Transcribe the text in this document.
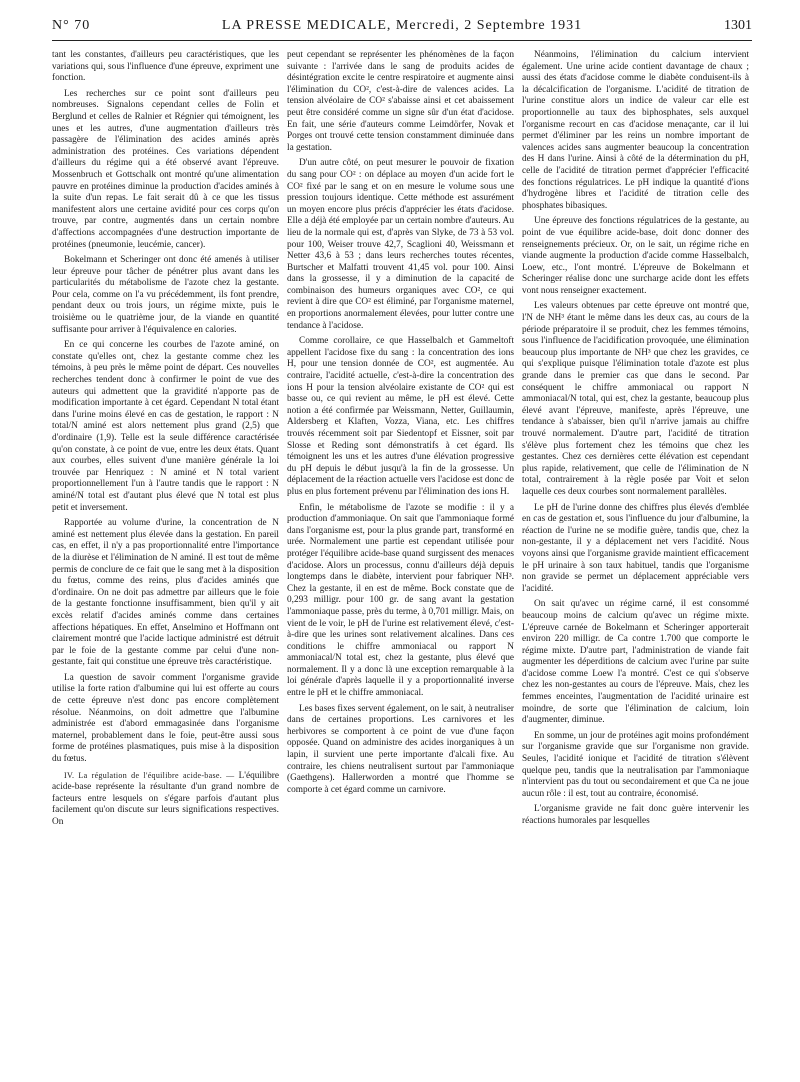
N° 70	LA PRESSE MEDICALE, Mercredi, 2 Septembre 1931	1301

tant les constantes, d'ailleurs peu caractéristiques, que les variations qui, sous l'influence d'une épreuve, expriment une fonction.

Les recherches sur ce point sont d'ailleurs peu nombreuses. Signalons cependant celles de Folin et Berglund et celles de Ralnier et Régnier qui témoignent, les unes et les autres, d'une augmentation d'ailleurs très passagère de l'élimination des acides aminés après administration des protéines. Ces variations dépendent d'ailleurs du régime qui a été observé avant l'épreuve. Mossenbruch et Gottschalk ont montré qu'une alimentation pauvre en protéines diminue la production d'acides aminés à la suite d'un repas. Le fait serait dû à ce que les tissus manifestent alors une certaine avidité pour ces corps qu'on trouve, par contre, augmentés dans un certain nombre d'affections accompagnées d'une destruction importante de protéines (pneumonie, leucémie, cancer).

Bokelmann et Scheringer ont donc été amenés à utiliser leur épreuve pour tâcher de pénétrer plus avant dans les particularités du métabolisme de l'azote chez la gestante. Pour cela, comme on l'a vu précédemment, ils font prendre, pendant deux ou trois jours, un régime mixte, puis le troisième ou le quatrième jour, de la viande en quantité suffisante pour arriver à l'équivalence en calories.

En ce qui concerne les courbes de l'azote aminé, on constate qu'elles ont, chez la gestante comme chez les témoins, à peu près le même point de départ. Ces nouvelles recherches tendent donc à confirmer le point de vue des auteurs qui admettent que la gravidité n'apporte pas de modification importante à cet égard. Cependant N total étant dans l'urine moins élevé en cas de gestation, le rapport : N total/N aminé est alors nettement plus grand (2,5) que d'ordinaire (1,9). Telle est la seule différence caractérisée qu'on constate, à ce point de vue, entre les deux états. Quant aux courbes, elles suivent d'une manière générale la loi trouvée par Henriquez : N aminé et N total varient proportionnellement l'un à l'autre tandis que le rapport : N aminé/N total est d'autant plus élevé que N total est plus petit et inversement.

Rapportée au volume d'urine, la concentration de N aminé est nettement plus élevée dans la gestation. En pareil cas, en effet, il n'y a pas proportionnalité entre l'importance de la diurèse et l'élimination de N aminé. Il est tout de même permis de conclure de ce fait que le sang met à la disposition du fœtus, comme des reins, plus d'acides aminés que d'ordinaire. On ne doit pas admettre par ailleurs que le foie de la gestante fonctionne insuffisamment, bien qu'il y ait excès relatif d'acides aminés comme dans certaines affections hépatiques. En effet, Anselmino et Hoffmann ont clairement montré que l'acide lactique administré est détruit par le foie de la gestante comme par celui d'une non-gestante, fait qui constitue une épreuve très caractéristique.

La question de savoir comment l'organisme gravide utilise la forte ration d'albumine qui lui est offerte au cours de cette épreuve n'est donc pas encore complètement résolue. Néanmoins, on doit admettre que l'albumine administrée est d'abord emmagasinée dans l'organisme maternel, probablement dans le foie, peut-être aussi sous forme de protéines plasmatiques, puis mise à la disposition du fœtus.

IV. La régulation de l'équilibre acide-base. — L'équilibre acide-base représente la résultante d'un grand nombre de facteurs entre lesquels on s'égare parfois d'autant plus facilement qu'on discute sur leurs significations respectives. On

peut cependant se représenter les phénomènes de la façon suivante : l'arrivée dans le sang de produits acides de désintégration excite le centre respiratoire et augmente ainsi l'élimination du CO², c'est-à-dire de valences acides. La tension alvéolaire de CO² s'abaisse ainsi et cet abaissement peut être considéré comme un signe sûr d'un état d'acidose. En fait, une série d'auteurs comme Leimdörfer, Novak et Porges ont trouvé cette tension constamment diminuée dans la gestation.

D'un autre côté, on peut mesurer le pouvoir de fixation du sang pour CO² : on déplace au moyen d'un acide fort le CO² fixé par le sang et on en mesure le volume sous une pression toujours identique. Cette méthode est assurément un moyen encore plus précis d'apprécier les états d'acidose. Elle a déjà été employée par un certain nombre d'auteurs. Au lieu de la normale qui est, d'après van Slyke, de 73 à 53 vol. pour 100, Weiser trouve 42,7, Scaglioni 40, Weissmann et Netter 43,6 à 53 ; dans leurs recherches toutes récentes, Burtscher et Malfatti trouvent 41,45 vol. pour 100. Ainsi dans la grossesse, il y a diminution de la capacité de combinaison des humeurs organiques avec CO², ce qui revient à dire que CO² est éliminé, par l'organisme maternel, en proportions anormalement élevées, pour lutter contre une tendance à l'acidose.

Comme corollaire, ce que Hasselbalch et Gammeltoft appellent l'acidose fixe du sang : la concentration des ions H, pour une tension donnée de CO², est augmentée. Au contraire, l'acidité actuelle, c'est-à-dire la concentration des ions H pour la tension alvéolaire existante de CO² qui est basse ou, ce qui revient au même, le pH est élevé. Cette notion a été confirmée par Weissmann, Netter, Guillaumin, Aldersberg et Klaften, Vozza, Viana, etc. Les chiffres trouvés récemment soit par Siedentopf et Eissner, soit par Slosse et Reding sont démonstratifs à cet égard. Ils témoignent les uns et les autres d'une élévation progressive du pH depuis le début jusqu'à la fin de la grossesse. Un déplacement de la réaction actuelle vers l'acidose est donc de plus en plus fortement prévenu par l'élimination des ions H.

Enfin, le métabolisme de l'azote se modifie : il y a production d'ammoniaque. On sait que l'ammoniaque formé dans l'organisme est, pour la plus grande part, transformé en urée. Normalement une partie est cependant utilisée pour protéger l'équilibre acide-base quand surgissent des menaces d'acidose. Alors un processus, connu d'ailleurs déjà depuis longtemps dans le diabète, intervient pour fabriquer NH³. Chez la gestante, il en est de même. Bock constate que de 0,293 milligr. pour 100 gr. de sang avant la gestation l'ammoniaque passe, près du terme, à 0,701 milligr. Mais, on vient de le voir, le pH de l'urine est relativement élevé, c'est-à-dire que les urines sont relativement alcalines. Dans ces conditions le chiffre ammoniacal ou rapport N ammoniacal/N total est, chez la gestante, plus élevé que normalement. Il y a donc là une exception remarquable à la loi générale d'après laquelle il y a proportionnalité inverse entre le pH et le chiffre ammoniacal.

Les bases fixes servent également, on le sait, à neutraliser dans de certaines proportions. Les carnivores et les herbivores se comportent à ce point de vue d'une façon opposée. Quand on administre des acides inorganiques à un lapin, il survient une perte importante d'alcali fixe. Au contraire, les chiens neutralisent surtout par l'ammoniaque (Gaethgens). Hallerworden a montré que l'homme se comporte à cet égard comme un carnivore.

Néanmoins, l'élimination du calcium intervient également. Une urine acide contient davantage de chaux ; aussi des états d'acidose comme le diabète conduisent-ils à la décalcification de l'organisme. L'acidité de titration de l'urine constitue alors un indice de valeur car elle est proportionnelle au taux des biphosphates, sels auxquel l'organisme recourt en cas d'acidose menaçante, car il lui permet d'éliminer par les reins un nombre important de valences acides sans augmenter beaucoup la concentration des H dans l'urine. Ainsi à côté de la détermination du pH, celle de l'acidité de titration permet d'apprécier l'efficacité des fonctions régulatrices. Le pH indique la quantité d'ions d'hydrogène libres et l'acidité de titration celle des phosphates bibasiques.

Une épreuve des fonctions régulatrices de la gestante, au point de vue équilibre acide-base, doit donc donner des renseignements précieux. Or, on le sait, un régime riche en viande augmente la production d'acide comme Hasselbalch, Loew, etc., l'ont montré. L'épreuve de Bokelmann et Scheringer réalise donc une surcharge acide dont les effets vont nous renseigner exactement.

Les valeurs obtenues par cette épreuve ont montré que, l'N de NH³ étant le même dans les deux cas, au cours de la période préparatoire il se produit, chez les femmes témoins, sous l'influence de l'acidification provoquée, une élimination beaucoup plus importante de NH³ que chez les gravides, ce qui s'explique puisque l'élimination totale d'azote est plus grande dans le premier cas que dans le second. Par conséquent le chiffre ammoniacal ou rapport N ammoniacal/N total, qui est, chez la gestante, beaucoup plus élevé avant l'épreuve, manifeste, après l'épreuve, une tendance à s'abaisser, bien qu'il n'arrive jamais au chiffre trouvé normalement. D'autre part, l'acidité de titration s'élève plus fortement chez les témoins que chez les gestantes. Chez ces dernières cette élévation est cependant plus rapide, relativement, que celle de l'élimination de N total, contrairement à la règle posée par Voit et selon laquelle ces deux courbes sont normalement parallèles.

Le pH de l'urine donne des chiffres plus élevés d'emblée en cas de gestation et, sous l'influence du jour d'albumine, la réaction de l'urine ne se modifie guère, tandis que, chez la non-gestante, il y a déplacement net vers l'acidité. Nous voyons ainsi que l'organisme gravide maintient efficacement le pH urinaire à son taux habituel, tandis que l'organisme non gravide se permet un déplacement appréciable vers l'acidité.

On sait qu'avec un régime carné, il est consommé beaucoup moins de calcium qu'avec un régime mixte. L'épreuve carnée de Bokelmann et Scheringer apporterait environ 220 milligr. de Ca contre 1.700 que comporte le régime mixte. D'autre part, l'administration de viande fait augmenter les déperditions de calcium avec l'urine par suite d'acidose comme Loew l'a montré. C'est ce qui s'observe chez les non-gestantes au cours de l'épreuve. Mais, chez les femmes enceintes, l'augmentation de l'acidité urinaire est moindre, de sorte que l'élimination de calcium, loin d'augmenter, diminue.

En somme, un jour de protéines agit moins profondément sur l'organisme gravide que sur l'organisme non gravide. Seules, l'acidité ionique et l'acidité de titration s'élèvent quelque peu, tandis que la neutralisation par l'ammoniaque n'intervient pas du tout ou secondairement et que Ca ne joue aucun rôle : il est, tout au contraire, économisé.

L'organisme gravide ne fait donc guère intervenir les réactions humorales par lesquelles
